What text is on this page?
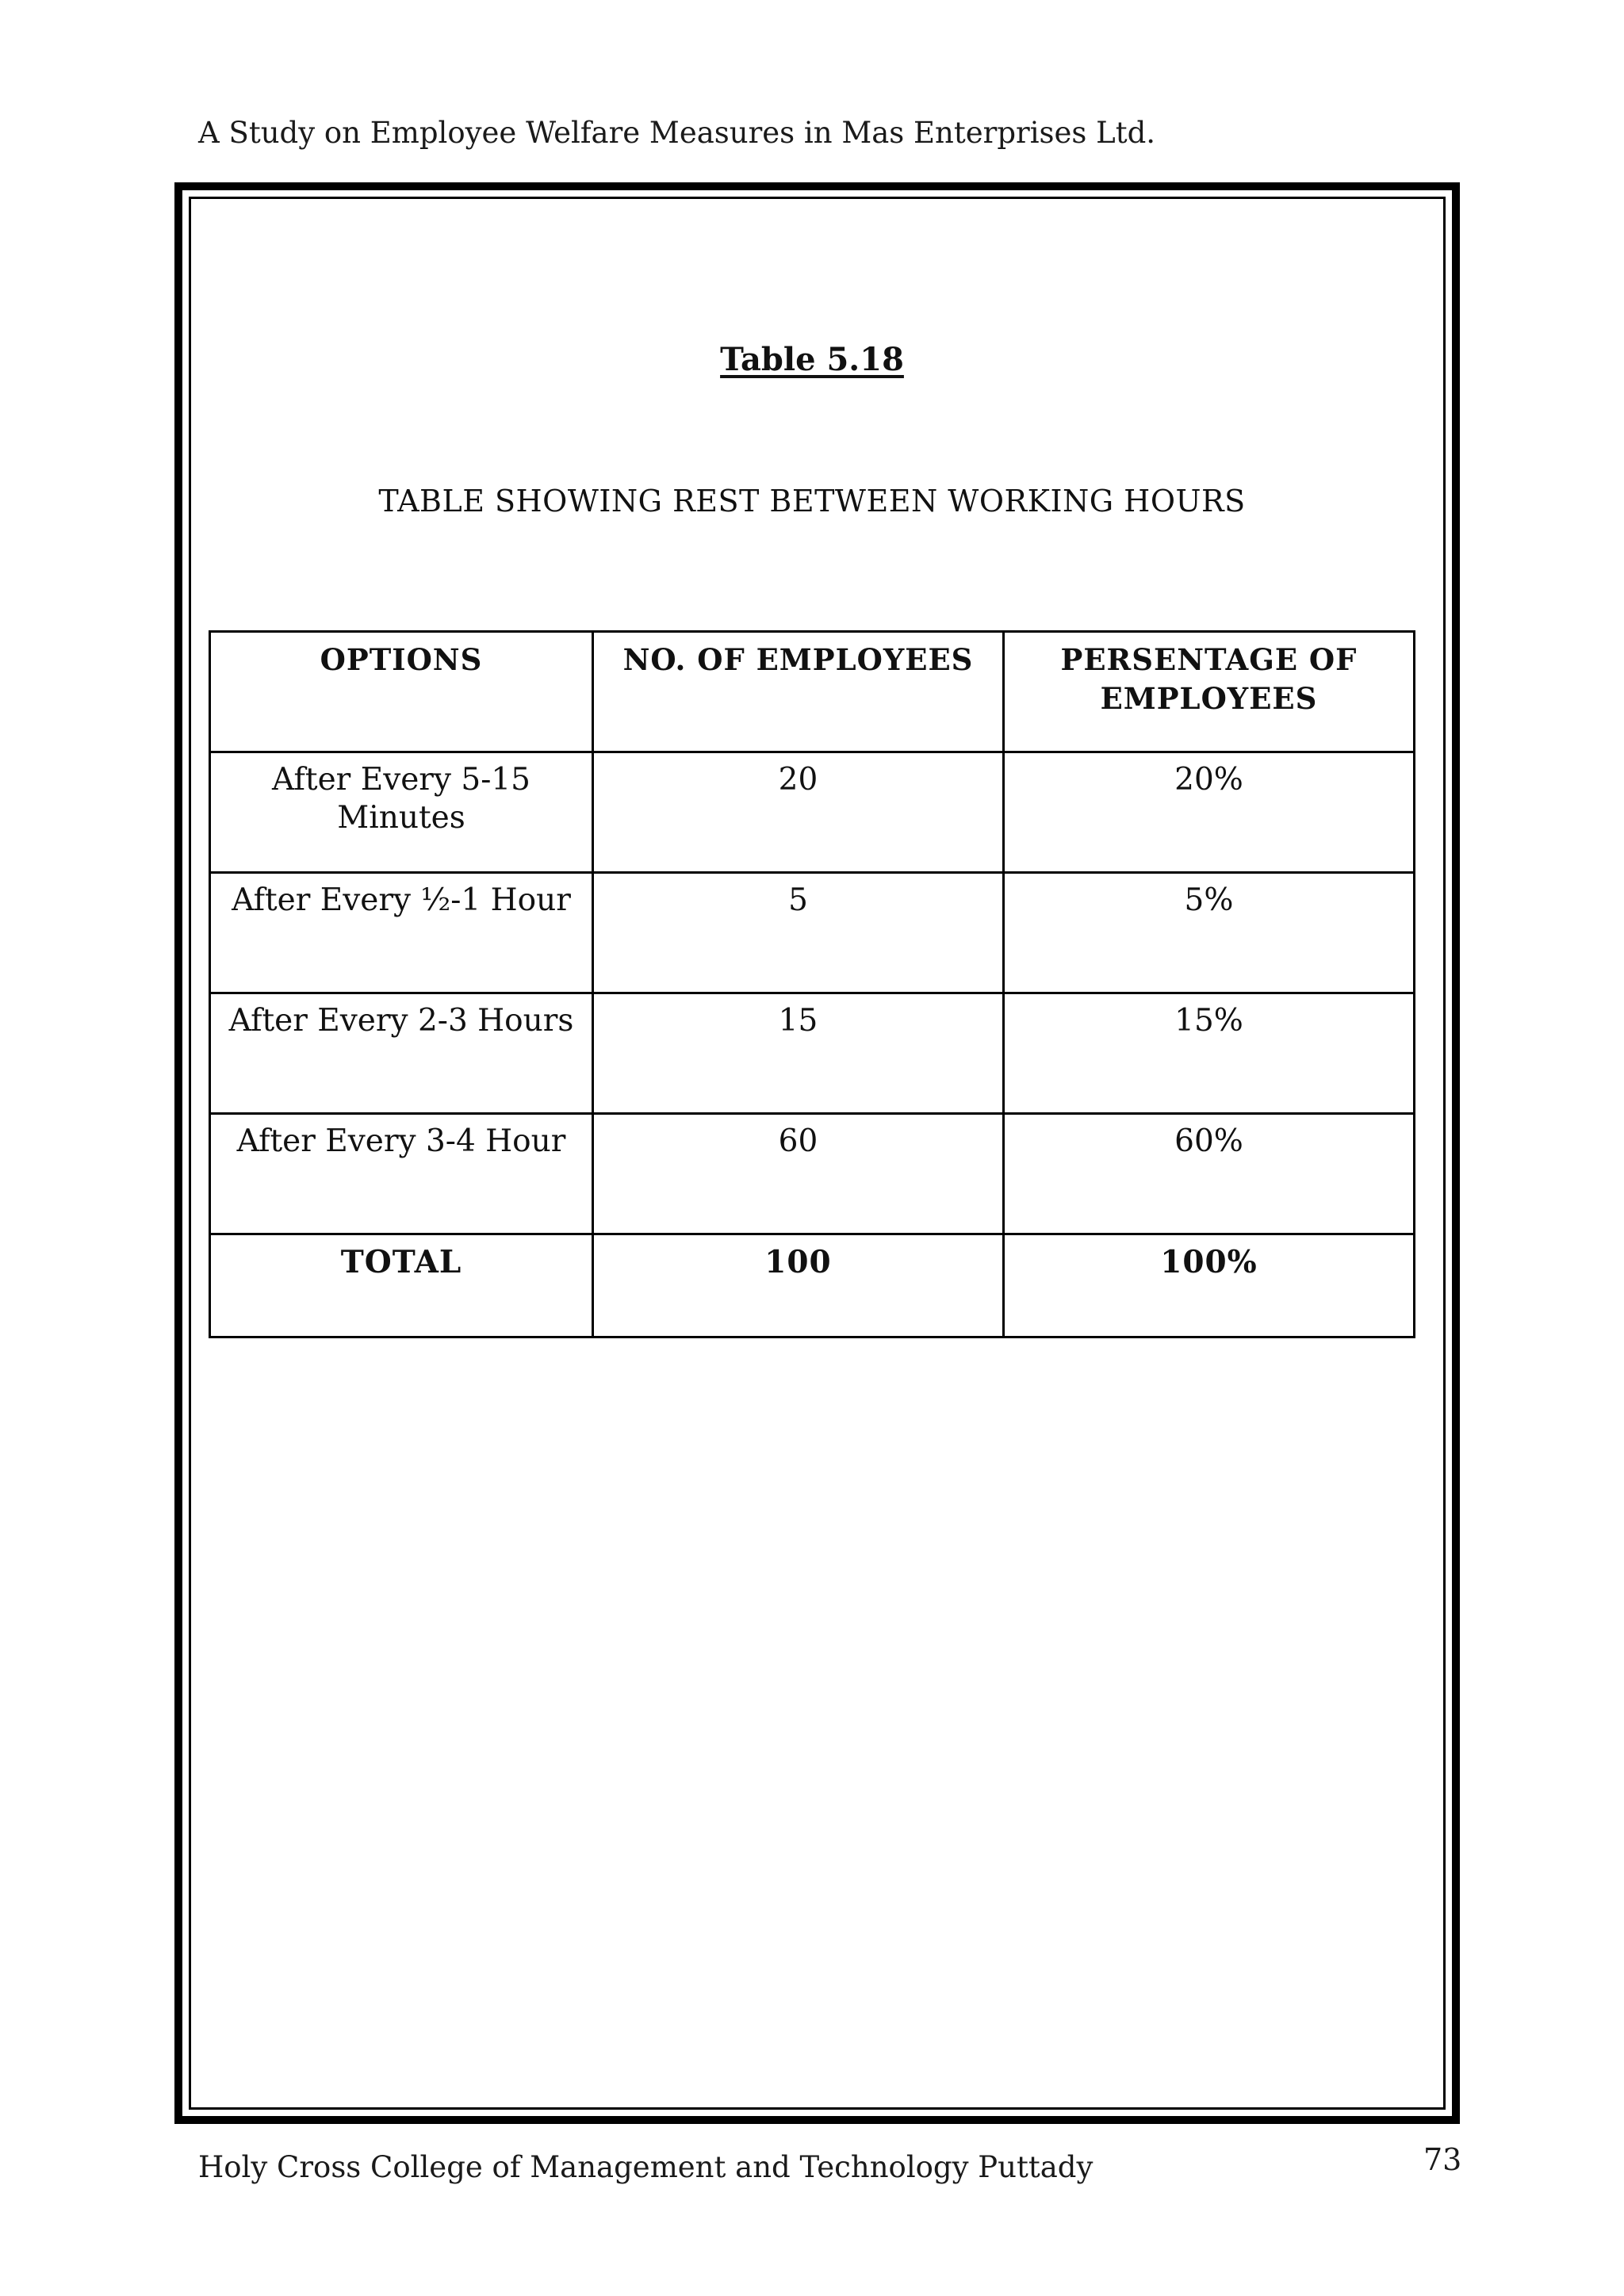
A Study on Employee Welfare Measures in Mas Enterprises Ltd.
Table 5.18
TABLE SHOWING REST BETWEEN WORKING HOURS
OPTIONS	NO. OF EMPLOYEES	PERSENTAGE OF EMPLOYEES
After Every 5-15 Minutes	20	20%
After Every ½-1 Hour	5	5%
After Every 2-3 Hours	15	15%
After Every 3-4 Hour	60	60%
TOTAL	100	100%
Holy Cross College of Management and Technology Puttady	73
